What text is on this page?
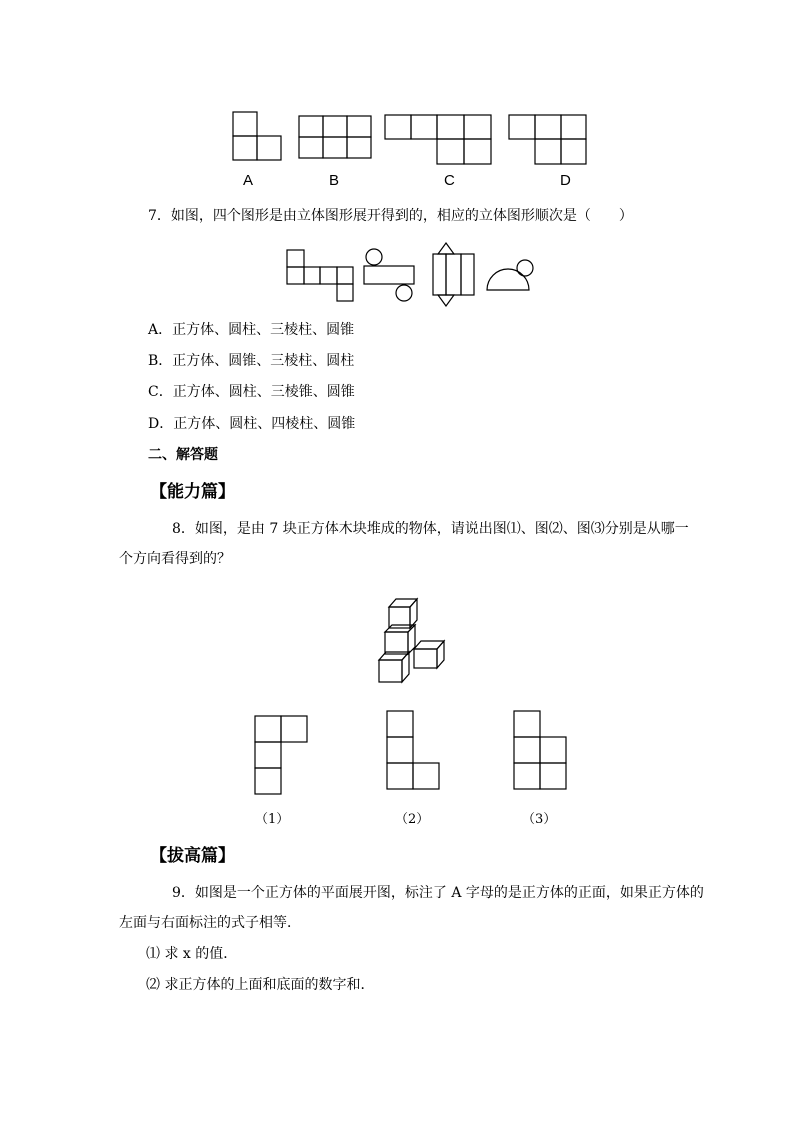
A	B	C	D
7．如图，四个图形是由立体图形展开得到的，相应的立体图形顺次是（　　）
A．正方体、圆柱、三棱柱、圆锥
B．正方体、圆锥、三棱柱、圆柱
C．正方体、圆柱、三棱锥、圆锥
D．正方体、圆柱、四棱柱、圆锥
二、解答题
【能力篇】
8．如图，是由 7 块正方体木块堆成的物体，请说出图⑴、图⑵、图⑶分别是从哪一
个方向看得到的？
（1）	（2）	（3）
【拔高篇】
9．如图是一个正方体的平面展开图，标注了 A 字母的是正方体的正面，如果正方体的
左面与右面标注的式子相等．
⑴ 求 x 的值．
⑵ 求正方体的上面和底面的数字和．
